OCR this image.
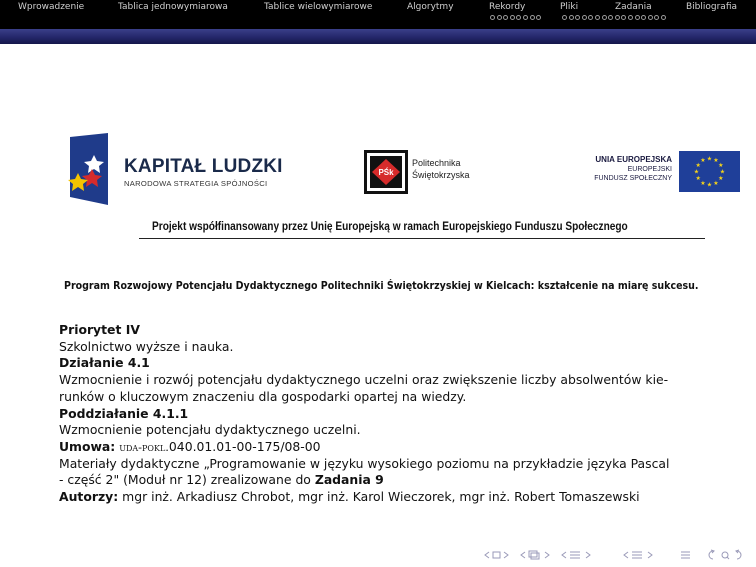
Wprowadzenie	Tablica jednowymiarowa	Tablice wielowymiarowe	Algorytmy	Rekordy	Pliki	Zadania	Bibliografia
KAPITAŁ LUDZKI
NARODOWA STRATEGIA SPÓJNOŚCI
PŚk
Politechnika
Świętokrzyska
UNIA EUROPEJSKA
EUROPEJSKI
FUNDUSZ SPOŁECZNY
★
★
★
★
★
★
★
★
★ ★ ★
★
Projekt współfinansowany przez Unię Europejską w ramach Europejskiego Funduszu Społecznego
Program Rozwojowy Potencjału Dydaktycznego Politechniki Świętokrzyskiej w Kielcach: kształcenie na miarę sukcesu.
Priorytet IV
Szkolnictwo wyższe i nauka.
Działanie 4.1
Wzmocnienie i rozwój potencjału dydaktycznego uczelni oraz zwiększenie liczby absolwentów kie-
runków o kluczowym znaczeniu dla gospodarki opartej na wiedzy.
Poddziałanie 4.1.1
Wzmocnienie potencjału dydaktycznego uczelni.
Umowa: uda-pokl.040.01.01-00-175/08-00
Materiały dydaktyczne „Programowanie w języku wysokiego poziomu na przykładzie języka Pascal
- część 2" (Moduł nr 12) zrealizowane do Zadania 9
Autorzy: mgr inż. Arkadiusz Chrobot, mgr inż. Karol Wieczorek, mgr inż. Robert Tomaszewski
